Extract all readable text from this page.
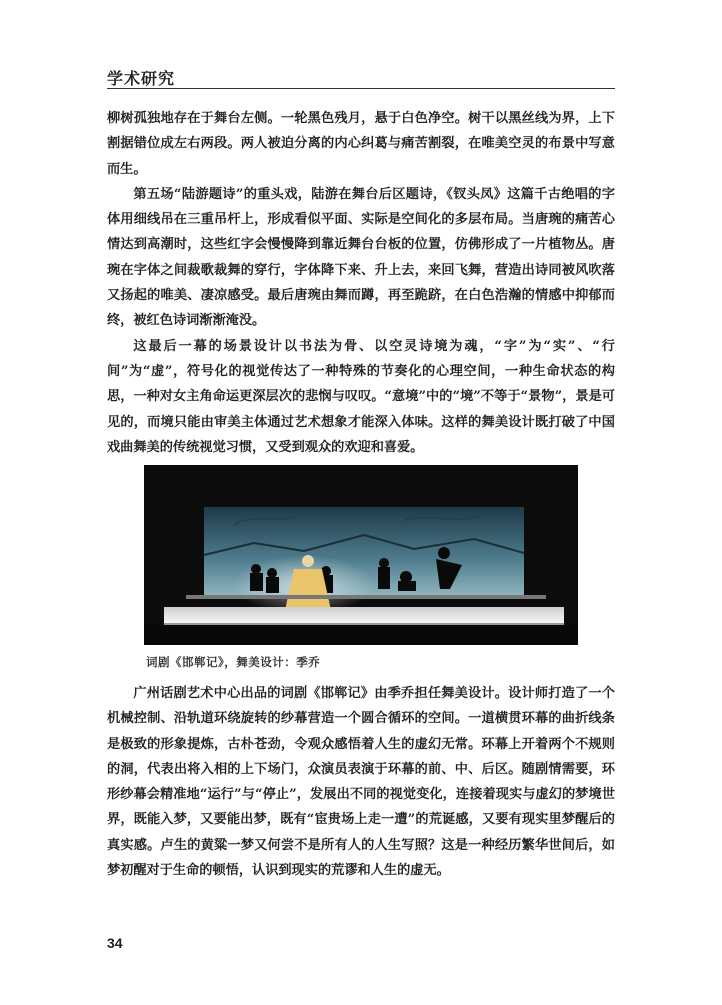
学术研究

柳树孤独地存在于舞台左侧。一轮黑色残月，悬于白色净空。树干以黑丝线为界，上下割据错位成左右两段。两人被迫分离的内心纠葛与痛苦割裂，在唯美空灵的布景中写意而生。

第五场“陆游题诗”的重头戏，陆游在舞台后区题诗，《钗头凤》这篇千古绝唱的字体用细线吊在三重吊杆上，形成看似平面、实际是空间化的多层布局。当唐琬的痛苦心情达到高潮时，这些红字会慢慢降到靠近舞台台板的位置，仿佛形成了一片植物丛。唐琬在字体之间裁歌裁舞的穿行，字体降下来、升上去，来回飞舞，营造出诗同被风吹落又扬起的唯美、凄凉感受。最后唐琬由舞而蹲，再至跪跻，在白色浩瀚的情感中抑郁而终，被红色诗词渐渐淹没。

这最后一幕的场景设计以书法为骨、以空灵诗境为魂，“字”为“实”、“行间”为“虚”，符号化的视觉传达了一种特殊的节奏化的心理空间，一种生命状态的构思，一种对女主角命运更深层次的悲悯与叹叹。“意境”中的“境”不等于“景物”，景是可见的，而境只能由审美主体通过艺术想象才能深入体味。这样的舞美设计既打破了中国戏曲舞美的传统视觉习惯，又受到观众的欢迎和喜爱。

词剧《邯郸记》，舞美设计：季乔

广州话剧艺术中心出品的词剧《邯郸记》由季乔担任舞美设计。设计师打造了一个机械控制、沿轨道环绕旋转的纱幕营造一个圆合循环的空间。一道横贯环幕的曲折线条是极致的形象提炼，古朴苍劲，令观众感悟着人生的虚幻无常。环幕上开着两个不规则的洞，代表出将入相的上下场门，众演员表演于环幕的前、中、后区。随剧情需要，环形纱幕会精准地“运行”与“停止”，发展出不同的视觉变化，连接着现实与虚幻的梦境世界，既能入梦，又要能出梦，既有“宦贵场上走一遭”的荒诞感，又要有现实里梦醒后的真实感。卢生的黄粱一梦又何尝不是所有人的人生写照？这是一种经历繁华世间后，如梦初醒对于生命的顿悟，认识到现实的荒谬和人生的虚无。

34
